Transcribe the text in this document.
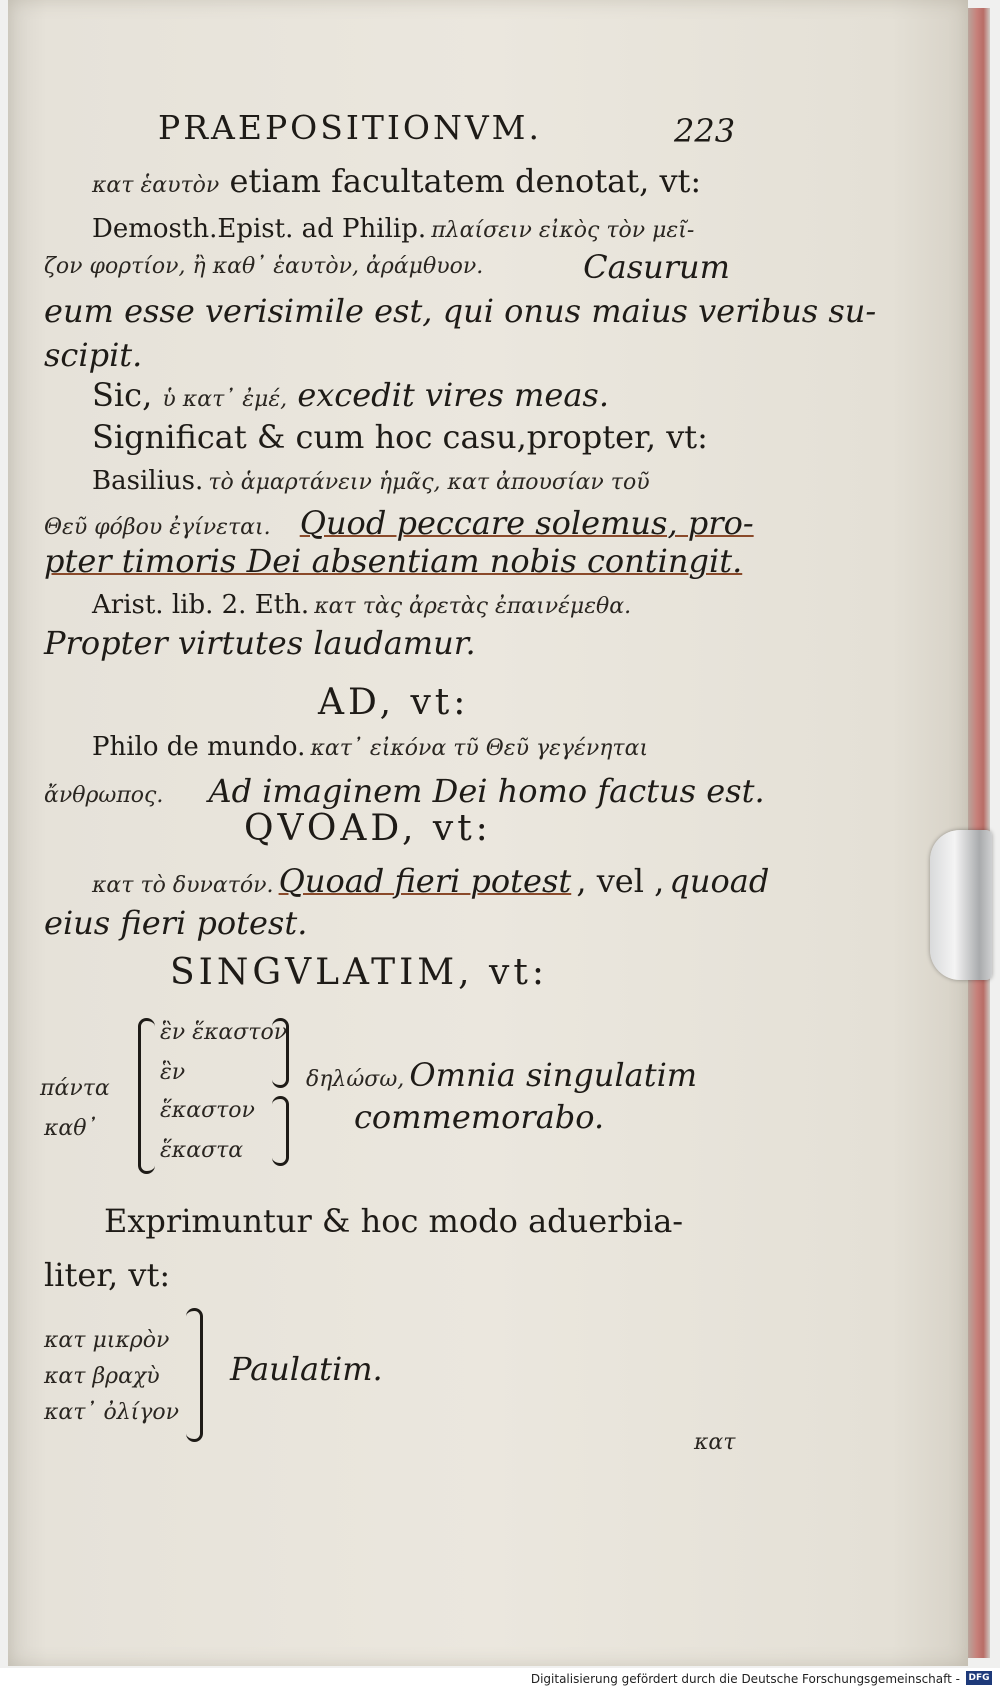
PRAEPOSITIONVM.	223
κατ ἑαυτὸν etiam facultatem denotat, vt:
Demosth.Epist. ad Philip. πλαίσειν εἰκὸς τὸν μεῖ-
ζον φορτίον, ἢ καθ᾽ ἑαυτὸν, ἀράμθυον.	Casurum
eum esse verisimile est, qui onus maius veribus su-
scipit.
Sic, ὑ κατ᾽ ἐμέ, excedit vires meas.
Significat & cum hoc casu,propter, vt:
Basilius. τὸ ἁμαρτάνειν ἡμᾶς, κατ ἀπουσίαν τοῦ
Θεῦ φόβου ἐγίνεται. Quod peccare solemus, pro-
pter timoris Dei absentiam nobis contingit.
Arist. lib. 2. Eth. κατ τὰς ἀρετὰς ἐπαινέμεθα.
Propter virtutes laudamur.
AD, vt:
Philo de mundo. κατ᾽ εἰκόνα τῦ Θεῦ γεγένηται
ἄνθρωπος. Ad imaginem Dei homo factus est.
QVOAD, vt:
κατ τὸ δυνατόν. Quoad fieri potest , vel , quoad
eius fieri potest.
SINGVLATIM, vt:
ἓν ἕκαστον
ἓν
ἕκαστον
ἕκαστα
πάντα
καθ᾽
δηλώσω, Omnia singulatim
commemorabo.
Exprimuntur & hoc modo aduerbia-
liter, vt:
κατ μικρὸν
κατ βραχὺ
κατ᾽ ὀλίγον
Paulatim.
κατ
Digitalisierung gefördert durch die Deutsche Forschungsgemeinschaft - DFG
